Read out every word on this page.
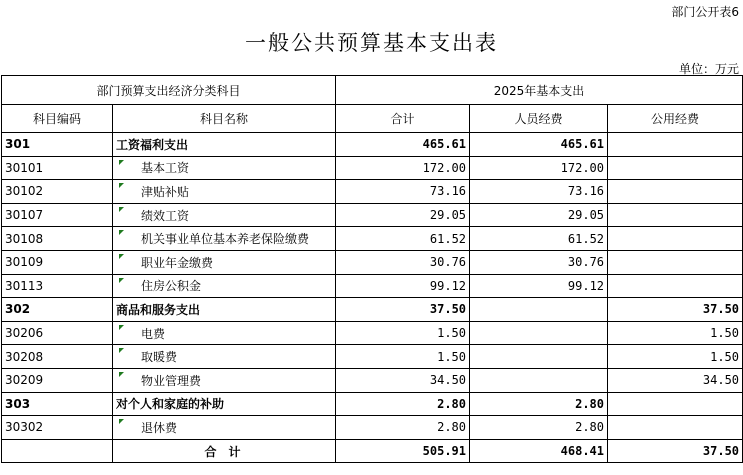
部门公开表6
一般公共预算基本支出表
单位：万元
部门预算支出经济分类科目		2025年基本支出		
科目编码	科目名称	合计	人员经费	公用经费
301	工资福利支出	465.61	465.61	
30101	基本工资	172.00	172.00	
30102	津贴补贴	73.16	73.16	
30107	绩效工资	29.05	29.05	
30108	机关事业单位基本养老保险缴费	61.52	61.52	
30109	职业年金缴费	30.76	30.76	
30113	住房公积金	99.12	99.12	
302	商品和服务支出	37.50		37.50
30206	电费	1.50		1.50
30208	取暖费	1.50		1.50
30209	物业管理费	34.50		34.50
303	对个人和家庭的补助	2.80	2.80	
30302	退休费	2.80	2.80	
	合　计	505.91	468.41	37.50
